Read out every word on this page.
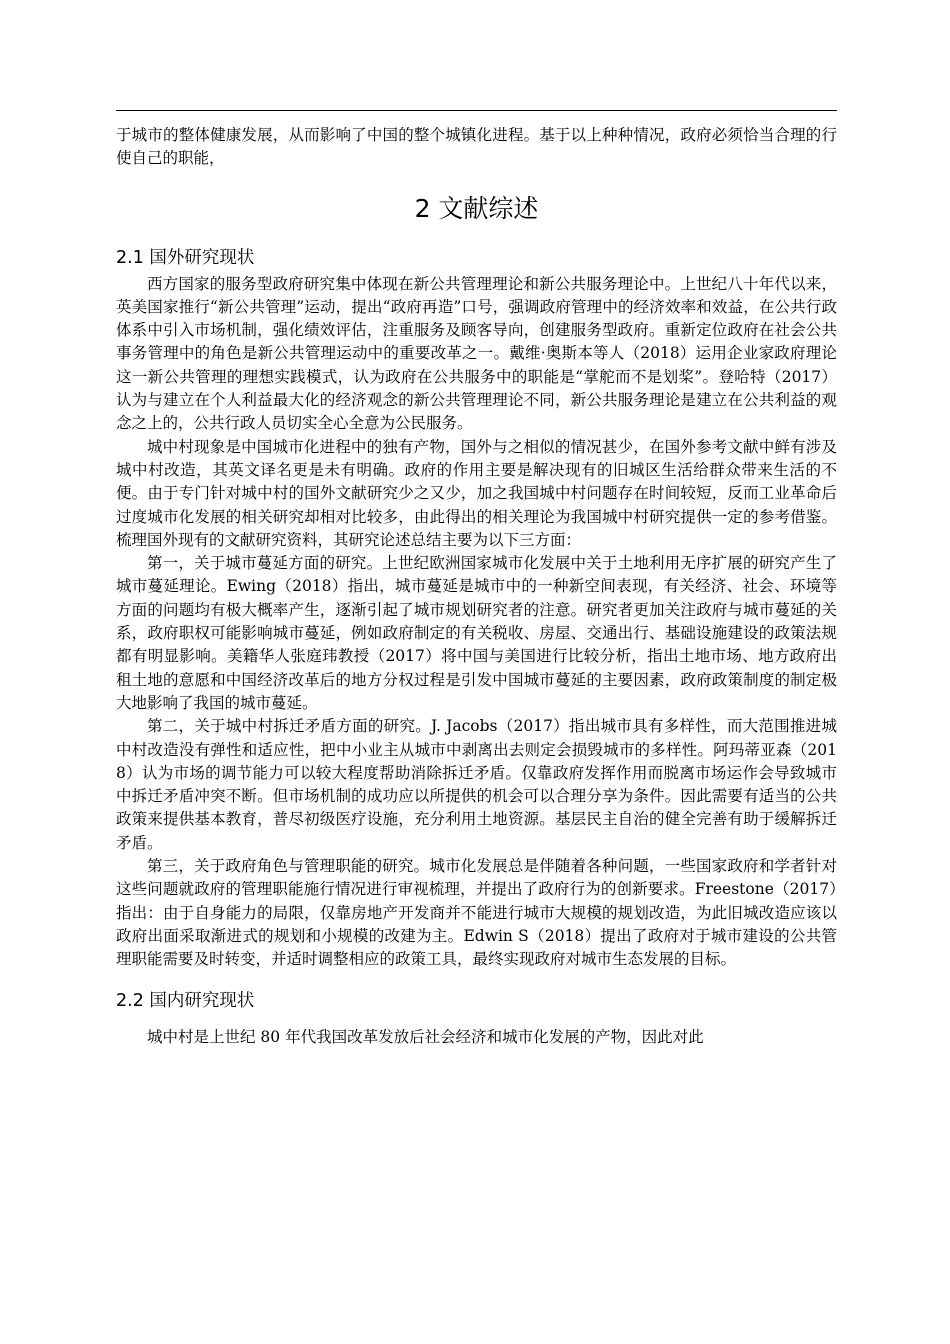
于城市的整体健康发展，从而影响了中国的整个城镇化进程。基于以上种种情况，政府必须恰当合理的行使自己的职能，

2 文献综述
2.1 国外研究现状

西方国家的服务型政府研究集中体现在新公共管理理论和新公共服务理论中。上世纪八十年代以来，英美国家推行“新公共管理”运动，提出“政府再造”口号，强调政府管理中的经济效率和效益，在公共行政体系中引入市场机制，强化绩效评估，注重服务及顾客导向，创建服务型政府。重新定位政府在社会公共事务管理中的角色是新公共管理运动中的重要改革之一。戴维·奥斯本等人（2018）运用企业家政府理论这一新公共管理的理想实践模式，认为政府在公共服务中的职能是“掌舵而不是划桨”。登哈特（2017）认为与建立在个人利益最大化的经济观念的新公共管理理论不同，新公共服务理论是建立在公共利益的观念之上的，公共行政人员切实全心全意为公民服务。

城中村现象是中国城市化进程中的独有产物，国外与之相似的情况甚少，在国外参考文献中鲜有涉及城中村改造，其英文译名更是未有明确。政府的作用主要是解决现有的旧城区生活给群众带来生活的不便。由于专门针对城中村的国外文献研究少之又少，加之我国城中村问题存在时间较短，反而工业革命后过度城市化发展的相关研究却相对比较多，由此得出的相关理论为我国城中村研究提供一定的参考借鉴。梳理国外现有的文献研究资料，其研究论述总结主要为以下三方面：

第一，关于城市蔓延方面的研究。上世纪欧洲国家城市化发展中关于土地利用无序扩展的研究产生了城市蔓延理论。Ewing（2018）指出，城市蔓延是城市中的一种新空间表现，有关经济、社会、环境等方面的问题均有极大概率产生，逐渐引起了城市规划研究者的注意。研究者更加关注政府与城市蔓延的关系，政府职权可能影响城市蔓延，例如政府制定的有关税收、房屋、交通出行、基础设施建设的政策法规都有明显影响。美籍华人张庭玮教授（2017）将中国与美国进行比较分析，指出土地市场、地方政府出租土地的意愿和中国经济改革后的地方分权过程是引发中国城市蔓延的主要因素，政府政策制度的制定极大地影响了我国的城市蔓延。

第二，关于城中村拆迁矛盾方面的研究。J. Jacobs（2017）指出城市具有多样性，而大范围推进城中村改造没有弹性和适应性，把中小业主从城市中剥离出去则定会损毁城市的多样性。阿玛蒂亚森（2018）认为市场的调节能力可以较大程度帮助消除拆迁矛盾。仅靠政府发挥作用而脱离市场运作会导致城市中拆迁矛盾冲突不断。但市场机制的成功应以所提供的机会可以合理分享为条件。因此需要有适当的公共政策来提供基本教育，普尽初级医疗设施，充分利用土地资源。基层民主自治的健全完善有助于缓解拆迁矛盾。

第三，关于政府角色与管理职能的研究。城市化发展总是伴随着各种问题，一些国家政府和学者针对这些问题就政府的管理职能施行情况进行审视梳理，并提出了政府行为的创新要求。Freestone（2017）指出：由于自身能力的局限，仅靠房地产开发商并不能进行城市大规模的规划改造，为此旧城改造应该以政府出面采取渐进式的规划和小规模的改建为主。Edwin S（2018）提出了政府对于城市建设的公共管理职能需要及时转变，并适时调整相应的政策工具，最终实现政府对城市生态发展的目标。

2.2 国内研究现状

城中村是上世纪 80 年代我国改革发放后社会经济和城市化发展的产物，因此对此
